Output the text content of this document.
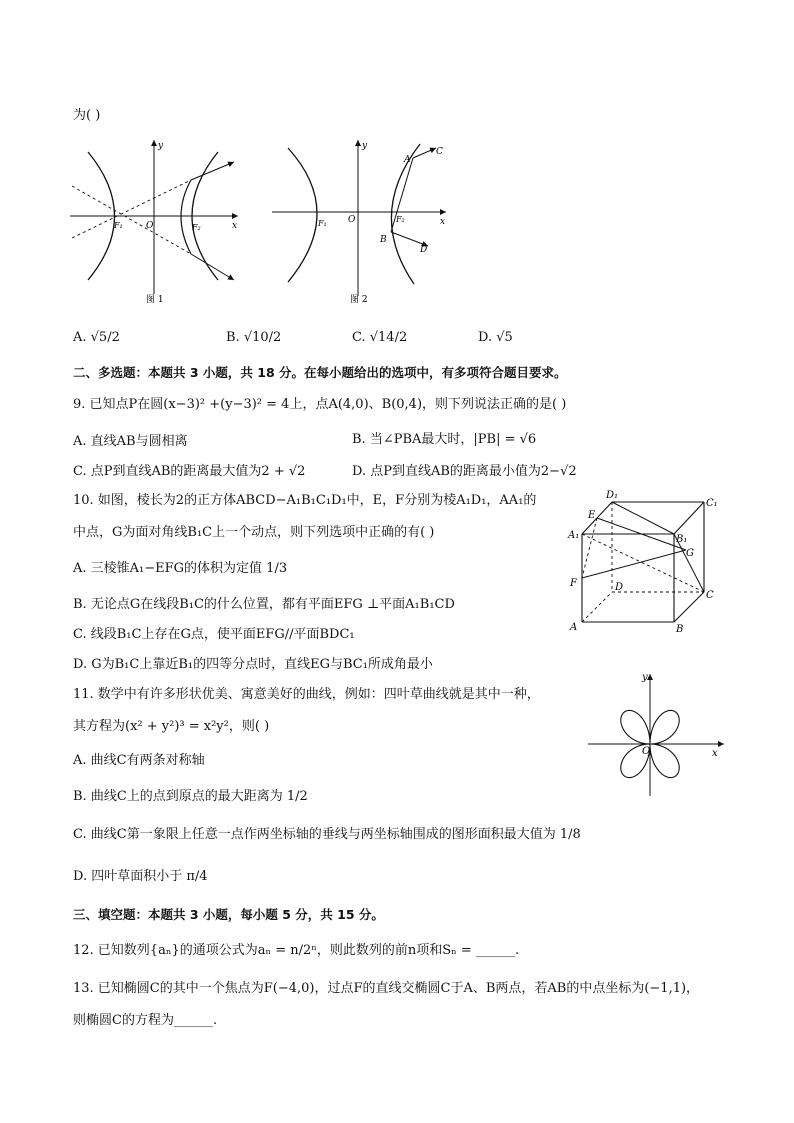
为( )
y
x
O
F₁	F₂
图 1
y
x
O
F₁	F₂
A
C
B
D
图 2
A. √5/2	B. √10/2	C. √14/2	D. √5
二、多选题：本题共 3 小题，共 18 分。在每小题给出的选项中，有多项符合题目要求。
9. 已知点P在圆(x−3)² +(y−3)² = 4上，点A(4,0)、B(0,4)，则下列说法正确的是( )
A. 直线AB与圆相离	B. 当∠PBA最大时，|PB| = √6
C. 点P到直线AB的距离最大值为2 + √2	D. 点P到直线AB的距离最小值为2−√2
10. 如图，棱长为2的正方体ABCD−A₁B₁C₁D₁中，E，F分别为棱A₁D₁，AA₁的
中点，G为面对角线B₁C上一个动点，则下列选项中正确的有( )
A. 三棱锥A₁−EFG的体积为定值 1/3
B. 无论点G在线段B₁C的什么位置，都有平面EFG ⊥平面A₁B₁CD
C. 线段B₁C上存在G点，使平面EFG//平面BDC₁
D. G为B₁C上靠近B₁的四等分点时，直线EG与BC₁所成角最小
D₁
C₁
A₁	B₁
E
G
F	D
C
A	B
11. 数学中有许多形状优美、寓意美好的曲线，例如：四叶草曲线就是其中一种，
其方程为(x² + y²)³ = x²y²，则( )
A. 曲线C有两条对称轴
B. 曲线C上的点到原点的最大距离为 1/2
C. 曲线C第一象限上任意一点作两坐标轴的垂线与两坐标轴围成的图形面积最大值为 1/8
D. 四叶草面积小于 π/4
x
y
O
三、填空题：本题共 3 小题，每小题 5 分，共 15 分。
12. 已知数列{aₙ}的通项公式为aₙ = n/2ⁿ，则此数列的前n项和Sₙ = ______.
13. 已知椭圆C的其中一个焦点为F(−4,0)，过点F的直线交椭圆C于A、B两点，若AB的中点坐标为(−1,1)，
则椭圆C的方程为______.
